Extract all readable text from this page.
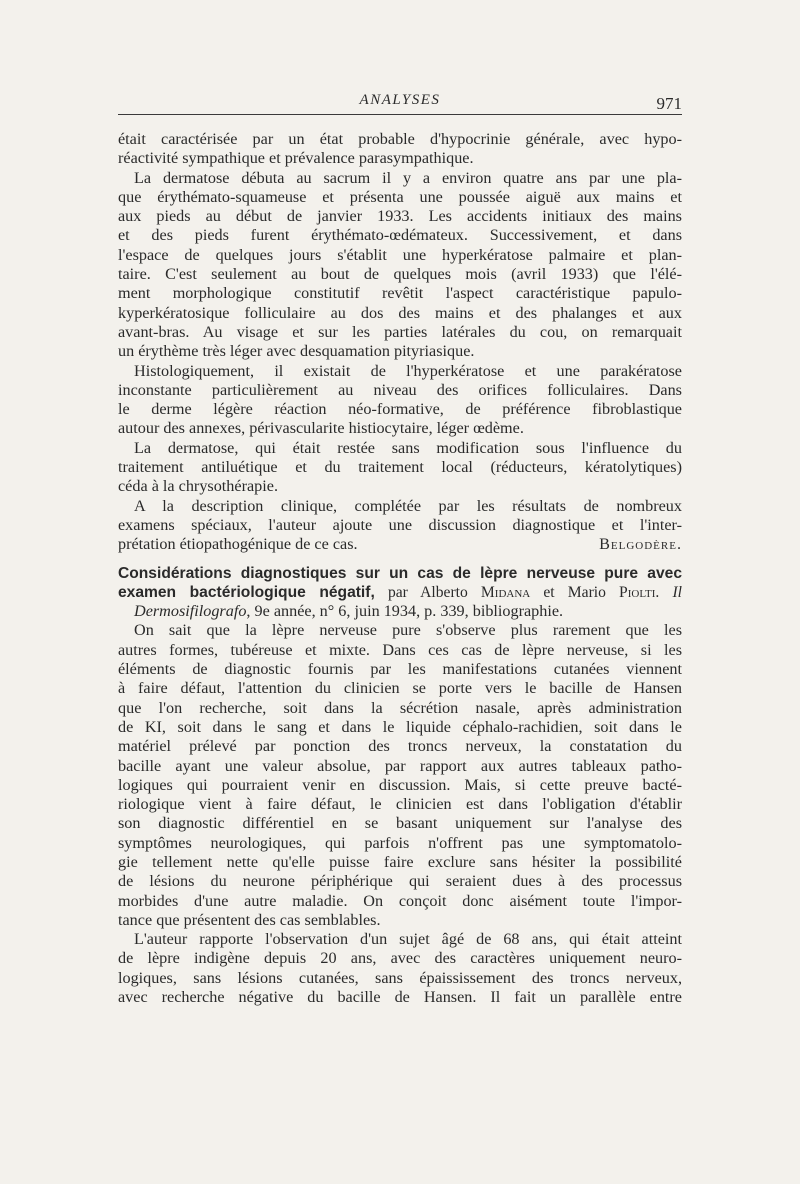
ANALYSES	971
était caractérisée par un état probable d'hypocrinie générale, avec hypo-
réactivité sympathique et prévalence parasympathique.
La dermatose débuta au sacrum il y a environ quatre ans par une pla-
que érythémato-squameuse et présenta une poussée aiguë aux mains et
aux pieds au début de janvier 1933. Les accidents initiaux des mains
et des pieds furent érythémato-œdémateux. Successivement, et dans
l'espace de quelques jours s'établit une hyperkératose palmaire et plan-
taire. C'est seulement au bout de quelques mois (avril 1933) que l'élé-
ment morphologique constitutif revêtit l'aspect caractéristique papulo-
kyperkératosique folliculaire au dos des mains et des phalanges et aux
avant-bras. Au visage et sur les parties latérales du cou, on remarquait
un érythème très léger avec desquamation pityriasique.
Histologiquement, il existait de l'hyperkératose et une parakératose
inconstante particulièrement au niveau des orifices folliculaires. Dans
le derme légère réaction néo-formative, de préférence fibroblastique
autour des annexes, périvascularite histiocytaire, léger œdème.
La dermatose, qui était restée sans modification sous l'influence du
traitement antiluétique et du traitement local (réducteurs, kératolytiques)
céda à la chrysothérapie.
A la description clinique, complétée par les résultats de nombreux
examens spéciaux, l'auteur ajoute une discussion diagnostique et l'inter-
prétation étiopathogénique de ce cas.	Belgodère.
Considérations diagnostiques sur un cas de lèpre nerveuse pure avec
examen bactériologique négatif, par Alberto Midana et Mario Piolti. Il
Dermosifilografo, 9e année, n° 6, juin 1934, p. 339, bibliographie.
On sait que la lèpre nerveuse pure s'observe plus rarement que les
autres formes, tubéreuse et mixte. Dans ces cas de lèpre nerveuse, si les
éléments de diagnostic fournis par les manifestations cutanées viennent
à faire défaut, l'attention du clinicien se porte vers le bacille de Hansen
que l'on recherche, soit dans la sécrétion nasale, après administration
de KI, soit dans le sang et dans le liquide céphalo-rachidien, soit dans le
matériel prélevé par ponction des troncs nerveux, la constatation du
bacille ayant une valeur absolue, par rapport aux autres tableaux patho-
logiques qui pourraient venir en discussion. Mais, si cette preuve bacté-
riologique vient à faire défaut, le clinicien est dans l'obligation d'établir
son diagnostic différentiel en se basant uniquement sur l'analyse des
symptômes neurologiques, qui parfois n'offrent pas une symptomatolo-
gie tellement nette qu'elle puisse faire exclure sans hésiter la possibilité
de lésions du neurone périphérique qui seraient dues à des processus
morbides d'une autre maladie. On conçoit donc aisément toute l'impor-
tance que présentent des cas semblables.
L'auteur rapporte l'observation d'un sujet âgé de 68 ans, qui était atteint
de lèpre indigène depuis 20 ans, avec des caractères uniquement neuro-
logiques, sans lésions cutanées, sans épaississement des troncs nerveux,
avec recherche négative du bacille de Hansen. Il fait un parallèle entre
